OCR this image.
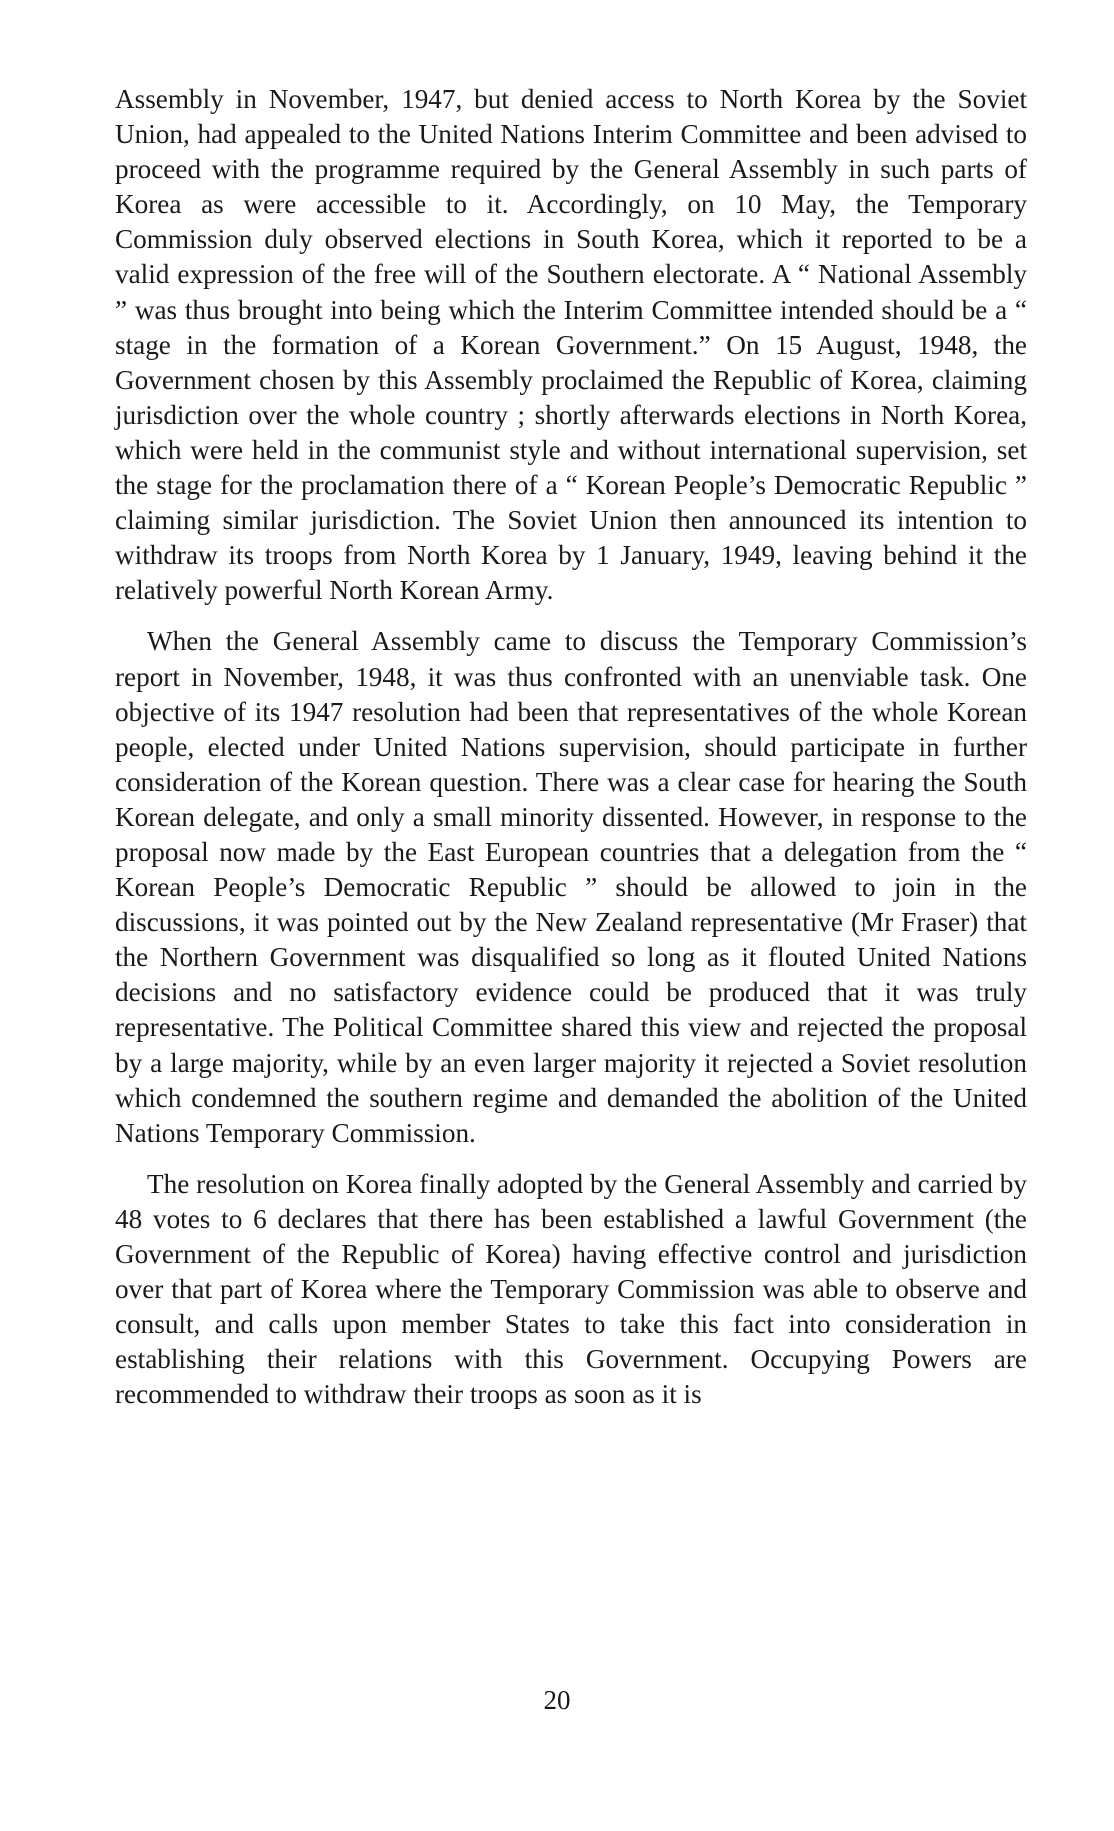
Assembly in November, 1947, but denied access to North Korea by the Soviet Union, had appealed to the United Nations Interim Committee and been advised to proceed with the programme required by the General Assembly in such parts of Korea as were accessible to it. Accordingly, on 10 May, the Temporary Commission duly observed elections in South Korea, which it reported to be a valid expression of the free will of the Southern electorate. A “ National Assembly ” was thus brought into being which the Interim Committee intended should be a “ stage in the formation of a Korean Government.” On 15 August, 1948, the Government chosen by this Assembly proclaimed the Republic of Korea, claiming jurisdiction over the whole country ; shortly afterwards elections in North Korea, which were held in the communist style and without international supervision, set the stage for the proclamation there of a “ Korean People’s Democratic Republic ” claiming similar jurisdiction. The Soviet Union then announced its intention to withdraw its troops from North Korea by 1 January, 1949, leaving behind it the relatively powerful North Korean Army.

When the General Assembly came to discuss the Temporary Commission’s report in November, 1948, it was thus confronted with an unenviable task. One objective of its 1947 resolution had been that representatives of the whole Korean people, elected under United Nations supervision, should participate in further consideration of the Korean question. There was a clear case for hearing the South Korean delegate, and only a small minority dissented. However, in response to the proposal now made by the East European countries that a delegation from the “ Korean People’s Democratic Republic ” should be allowed to join in the discussions, it was pointed out by the New Zealand representative (Mr Fraser) that the Northern Government was disqualified so long as it flouted United Nations decisions and no satisfactory evidence could be produced that it was truly representative. The Political Committee shared this view and rejected the proposal by a large majority, while by an even larger majority it rejected a Soviet resolution which condemned the southern regime and demanded the abolition of the United Nations Temporary Commission.

The resolution on Korea finally adopted by the General Assembly and carried by 48 votes to 6 declares that there has been established a lawful Government (the Government of the Republic of Korea) having effective control and jurisdiction over that part of Korea where the Temporary Commission was able to observe and consult, and calls upon member States to take this fact into consideration in establishing their relations with this Government. Occupying Powers are recommended to withdraw their troops as soon as it is

20
